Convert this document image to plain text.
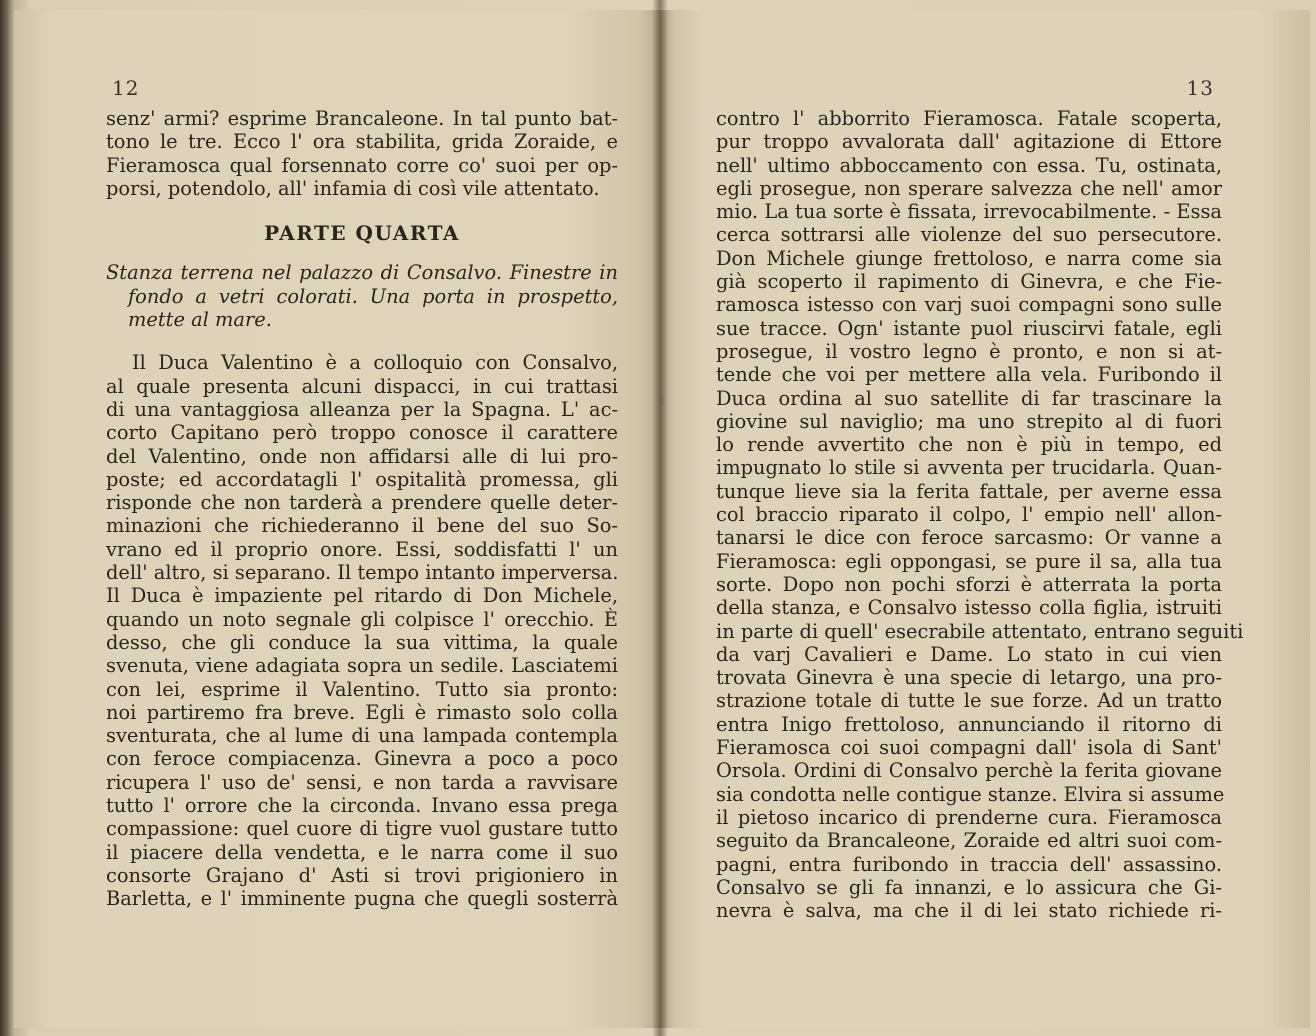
12
senz' armi? esprime Brancaleone. In tal punto bat-
tono le tre. Ecco l' ora stabilita, grida Zoraide, e
Fieramosca qual forsennato corre co' suoi per op-
porsi, potendolo, all' infamia di così vile attentato.
PARTE QUARTA
Stanza terrena nel palazzo di Consalvo. Finestre in
fondo a vetri colorati. Una porta in prospetto,
mette al mare.
Il Duca Valentino è a colloquio con Consalvo,
al quale presenta alcuni dispacci, in cui trattasi
di una vantaggiosa alleanza per la Spagna. L' ac-
corto Capitano però troppo conosce il carattere
del Valentino, onde non affidarsi alle di lui pro-
poste; ed accordatagli l' ospitalità promessa, gli
risponde che non tarderà a prendere quelle deter-
minazioni che richiederanno il bene del suo So-
vrano ed il proprio onore. Essi, soddisfatti l' un
dell' altro, si separano. Il tempo intanto imperversa.
Il Duca è impaziente pel ritardo di Don Michele,
quando un noto segnale gli colpisce l' orecchio. È
desso, che gli conduce la sua vittima, la quale
svenuta, viene adagiata sopra un sedile. Lasciatemi
con lei, esprime il Valentino. Tutto sia pronto:
noi partiremo fra breve. Egli è rimasto solo colla
sventurata, che al lume di una lampada contempla
con feroce compiacenza. Ginevra a poco a poco
ricupera l' uso de' sensi, e non tarda a ravvisare
tutto l' orrore che la circonda. Invano essa prega
compassione: quel cuore di tigre vuol gustare tutto
il piacere della vendetta, e le narra come il suo
consorte Grajano d' Asti si trovi prigioniero in
Barletta, e l' imminente pugna che quegli sosterrà
13
contro l' abborrito Fieramosca. Fatale scoperta,
pur troppo avvalorata dall' agitazione di Ettore
nell' ultimo abboccamento con essa. Tu, ostinata,
egli prosegue, non sperare salvezza che nell' amor
mio. La tua sorte è fissata, irrevocabilmente. - Essa
cerca sottrarsi alle violenze del suo persecutore.
Don Michele giunge frettoloso, e narra come sia
già scoperto il rapimento di Ginevra, e che Fie-
ramosca istesso con varj suoi compagni sono sulle
sue tracce. Ogn' istante puol riuscirvi fatale, egli
prosegue, il vostro legno è pronto, e non si at-
tende che voi per mettere alla vela. Furibondo il
Duca ordina al suo satellite di far trascinare la
giovine sul naviglio; ma uno strepito al di fuori
lo rende avvertito che non è più in tempo, ed
impugnato lo stile si avventa per trucidarla. Quan-
tunque lieve sia la ferita fattale, per averne essa
col braccio riparato il colpo, l' empio nell' allon-
tanarsi le dice con feroce sarcasmo: Or vanne a
Fieramosca: egli oppongasi, se pure il sa, alla tua
sorte. Dopo non pochi sforzi è atterrata la porta
della stanza, e Consalvo istesso colla figlia, istruiti
in parte di quell' esecrabile attentato, entrano seguiti
da varj Cavalieri e Dame. Lo stato in cui vien
trovata Ginevra è una specie di letargo, una pro-
strazione totale di tutte le sue forze. Ad un tratto
entra Inigo frettoloso, annunciando il ritorno di
Fieramosca coi suoi compagni dall' isola di Sant'
Orsola. Ordini di Consalvo perchè la ferita giovane
sia condotta nelle contigue stanze. Elvira si assume
il pietoso incarico di prenderne cura. Fieramosca
seguito da Brancaleone, Zoraide ed altri suoi com-
pagni, entra furibondo in traccia dell' assassino.
Consalvo se gli fa innanzi, e lo assicura che Gi-
nevra è salva, ma che il di lei stato richiede ri-
